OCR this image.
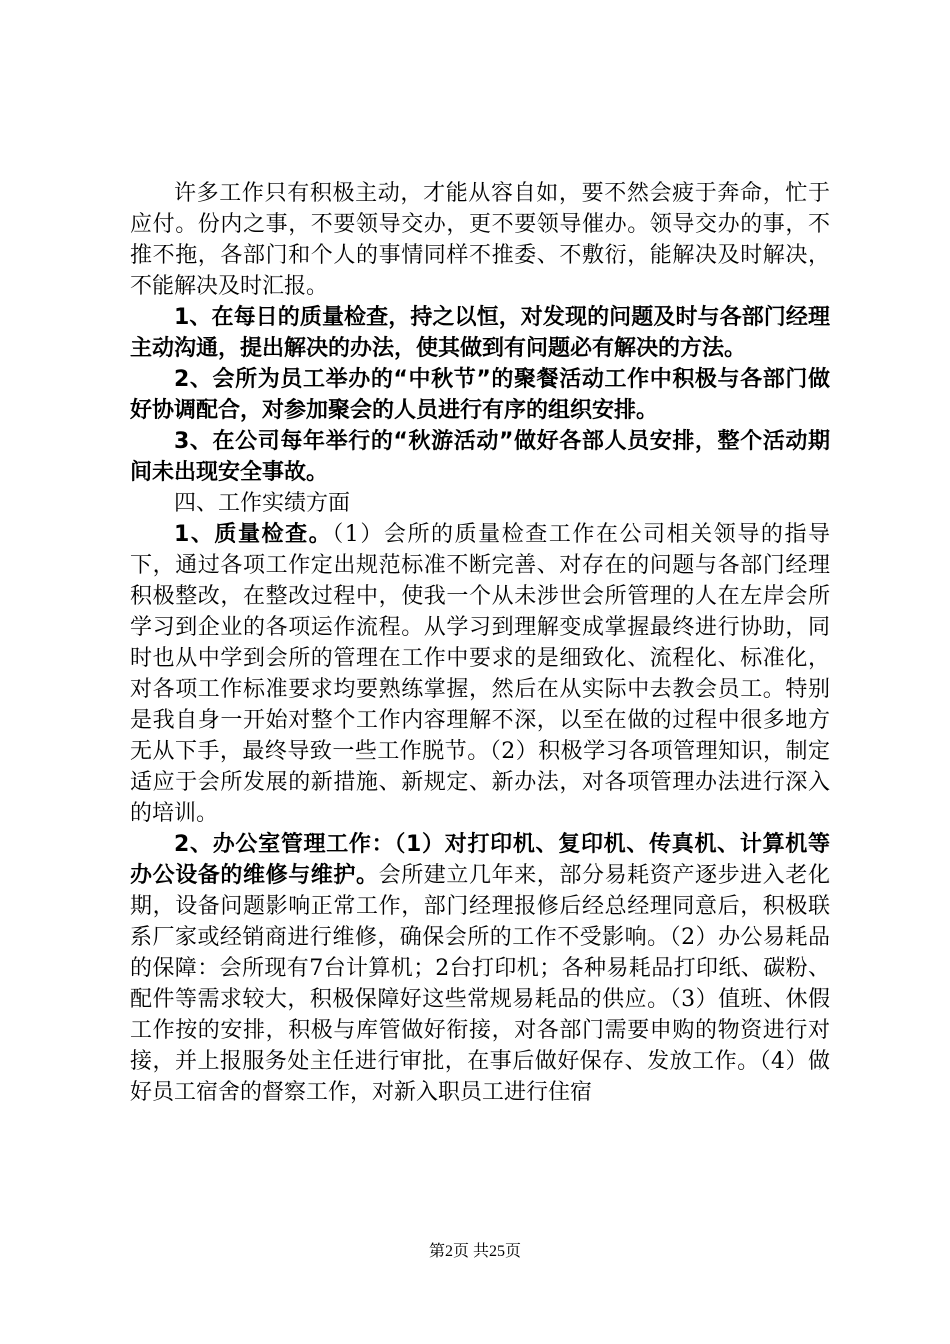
许多工作只有积极主动，才能从容自如，要不然会疲于奔命，忙于应付。份内之事，不要领导交办，更不要领导催办。领导交办的事，不推不拖，各部门和个人的事情同样不推委、不敷衍，能解决及时解决，不能解决及时汇报。

1、在每日的质量检查，持之以恒，对发现的问题及时与各部门经理主动沟通，提出解决的办法，使其做到有问题必有解决的方法。

2、会所为员工举办的“中秋节”的聚餐活动工作中积极与各部门做好协调配合，对参加聚会的人员进行有序的组织安排。

3、在公司每年举行的“秋游活动”做好各部人员安排，整个活动期间未出现安全事故。

四、工作实绩方面

1、质量检查。（1）会所的质量检查工作在公司相关领导的指导下，通过各项工作定出规范标准不断完善、对存在的问题与各部门经理积极整改，在整改过程中，使我一个从未涉世会所管理的人在左岸会所学习到企业的各项运作流程。从学习到理解变成掌握最终进行协助，同时也从中学到会所的管理在工作中要求的是细致化、流程化、标准化，对各项工作标准要求均要熟练掌握，然后在从实际中去教会员工。特别是我自身一开始对整个工作内容理解不深，以至在做的过程中很多地方无从下手，最终导致一些工作脱节。（2）积极学习各项管理知识，制定适应于会所发展的新措施、新规定、新办法，对各项管理办法进行深入的培训。

2、办公室管理工作：（1）对打印机、复印机、传真机、计算机等办公设备的维修与维护。会所建立几年来，部分易耗资产逐步进入老化期，设备问题影响正常工作，部门经理报修后经总经理同意后，积极联系厂家或经销商进行维修，确保会所的工作不受影响。（2）办公易耗品的保障：会所现有7台计算机；2台打印机；各种易耗品打印纸、碳粉、配件等需求较大，积极保障好这些常规易耗品的供应。（3）值班、休假工作按的安排，积极与库管做好衔接，对各部门需要申购的物资进行对接，并上报服务处主任进行审批，在事后做好保存、发放工作。（4）做好员工宿舍的督察工作，对新入职员工进行住宿

第2页 共25页
